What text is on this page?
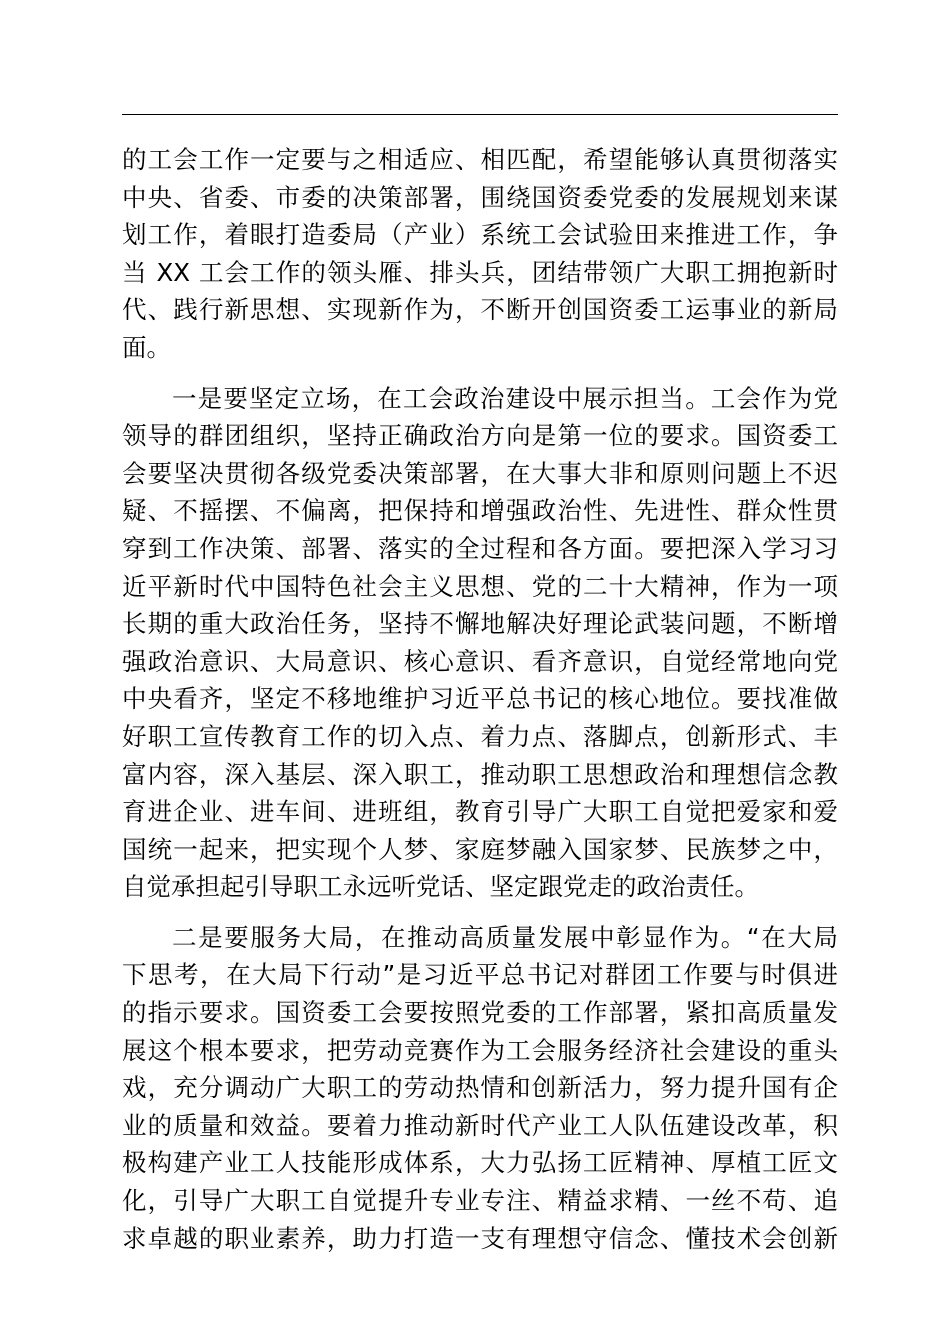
的工会工作一定要与之相适应、相匹配，希望能够认真贯彻落实
中央、省委、市委的决策部署，围绕国资委党委的发展规划来谋
划工作，着眼打造委局（产业）系统工会试验田来推进工作，争
当 XX 工会工作的领头雁、排头兵，团结带领广大职工拥抱新时
代、践行新思想、实现新作为，不断开创国资委工运事业的新局
面。
一是要坚定立场，在工会政治建设中展示担当。工会作为党
领导的群团组织，坚持正确政治方向是第一位的要求。国资委工
会要坚决贯彻各级党委决策部署，在大事大非和原则问题上不迟
疑、不摇摆、不偏离，把保持和增强政治性、先进性、群众性贯
穿到工作决策、部署、落实的全过程和各方面。要把深入学习习
近平新时代中国特色社会主义思想、党的二十大精神，作为一项
长期的重大政治任务，坚持不懈地解决好理论武装问题，不断增
强政治意识、大局意识、核心意识、看齐意识，自觉经常地向党
中央看齐，坚定不移地维护习近平总书记的核心地位。要找准做
好职工宣传教育工作的切入点、着力点、落脚点，创新形式、丰
富内容，深入基层、深入职工，推动职工思想政治和理想信念教
育进企业、进车间、进班组，教育引导广大职工自觉把爱家和爱
国统一起来，把实现个人梦、家庭梦融入国家梦、民族梦之中，
自觉承担起引导职工永远听党话、坚定跟党走的政治责任。
二是要服务大局，在推动高质量发展中彰显作为。“在大局
下思考，在大局下行动”是习近平总书记对群团工作要与时俱进
的指示要求。国资委工会要按照党委的工作部署，紧扣高质量发
展这个根本要求，把劳动竞赛作为工会服务经济社会建设的重头
戏，充分调动广大职工的劳动热情和创新活力，努力提升国有企
业的质量和效益。要着力推动新时代产业工人队伍建设改革，积
极构建产业工人技能形成体系，大力弘扬工匠精神、厚植工匠文
化，引导广大职工自觉提升专业专注、精益求精、一丝不苟、追
求卓越的职业素养，助力打造一支有理想守信念、懂技术会创新
